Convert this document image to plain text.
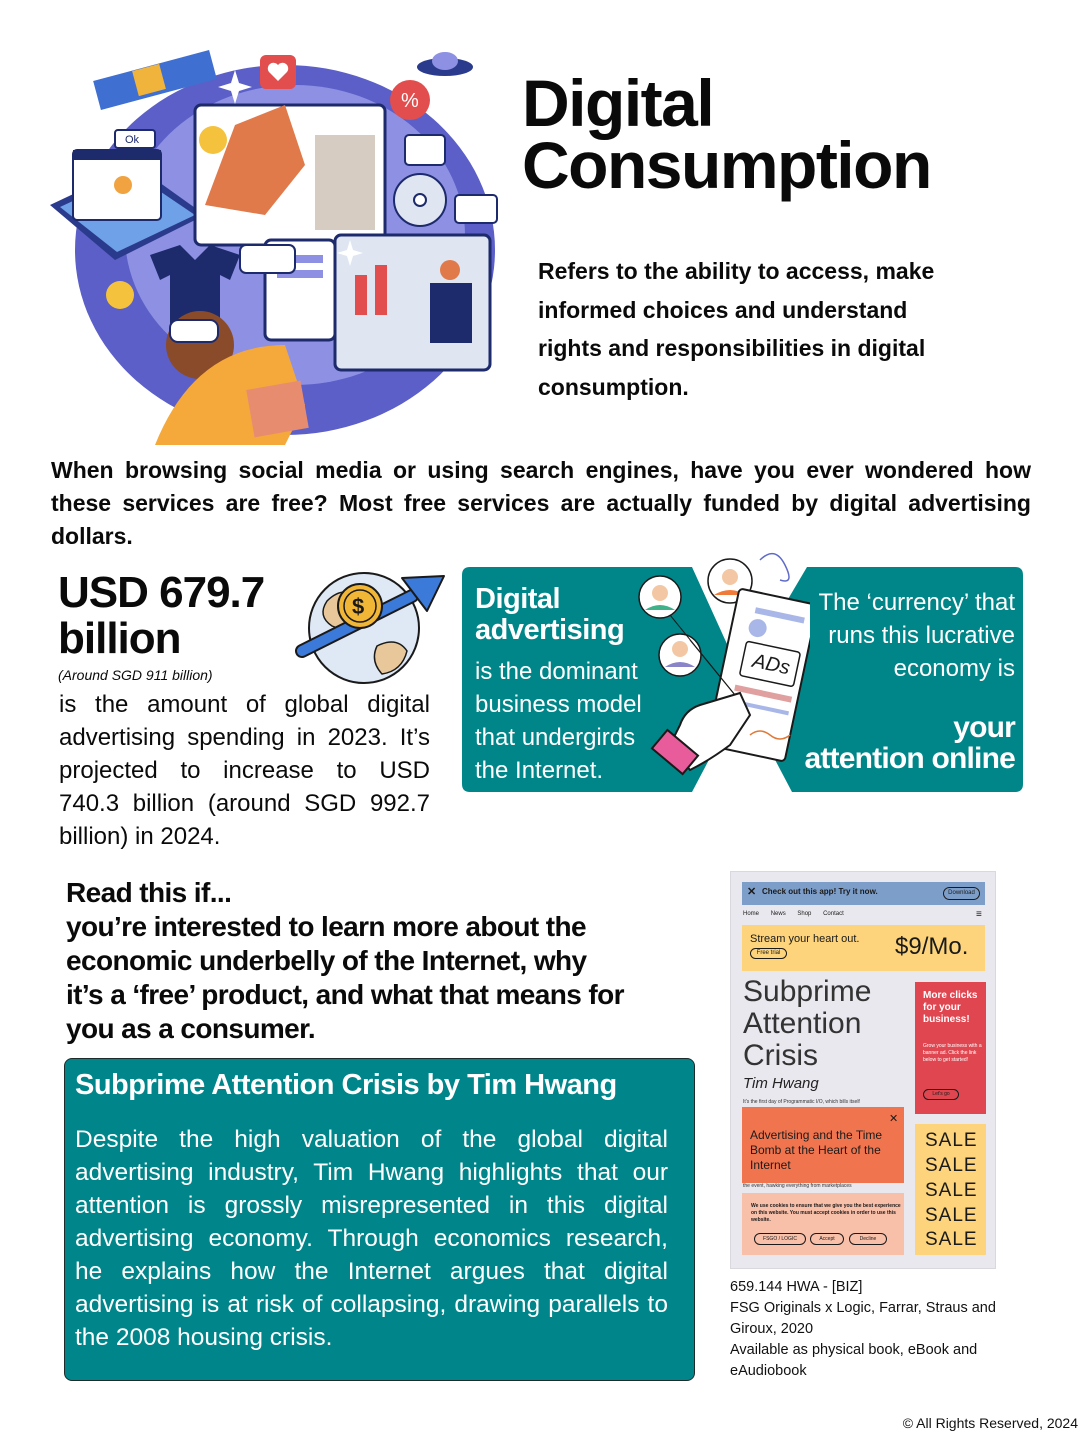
Ok
% Digital
Consumption

Refers to the ability to access, make informed choices and understand rights and responsibilities in digital consumption.

When browsing social media or using search engines, have you ever wondered how these services are free? Most free services are actually funded by digital advertising dollars.

USD 679.7
billion
(Around SGD 911 billion)

is the amount of global digital advertising spending in 2023. It’s projected to increase to USD 740.3 billion (around SGD 992.7 billion) in 2024.

$
ADs
Digital
advertising

is the dominant business model that undergirds the Internet.

The ‘currency’ that runs this lucrative economy is

your
attention online
Read this if...
you’re interested to learn more about the
economic underbelly of the Internet, why
it’s a ‘free’ product, and what that means for
you as a consumer.
Subprime Attention Crisis by Tim Hwang

Despite the high valuation of the global digital advertising industry, Tim Hwang highlights that our attention is grossly misrepresented in this digital advertising economy. Through economics research, he explains how the Internet argues that digital advertising is at risk of collapsing, drawing parallels to the 2008 housing crisis.

✕ Check out this app! Try it now.	Download
Home News Shop Contact	≡
Stream your heart out.
Free trial	$9/Mo.
Subprime
Attention
Crisis
Tim Hwang
It's the first day of Programmatic I/O, which bills itself
More clicks for your business!
Grow your business with a banner ad. Click the link below to get started!
Let's go
✕
Advertising and the Time Bomb at the Heart of the Internet
the event, hawking everything from marketplaces
We use cookies to ensure that we give you the best experience on this website. You must accept cookies in order to use this website.
FSGO / LOGIC	Accept	Decline
SALE
SALE
SALE
SALE
SALE
659.144 HWA - [BIZ]
FSG Originals x Logic, Farrar, Straus and
Giroux, 2020
Available as physical book, eBook and
eAudiobook
© All Rights Reserved, 2024
